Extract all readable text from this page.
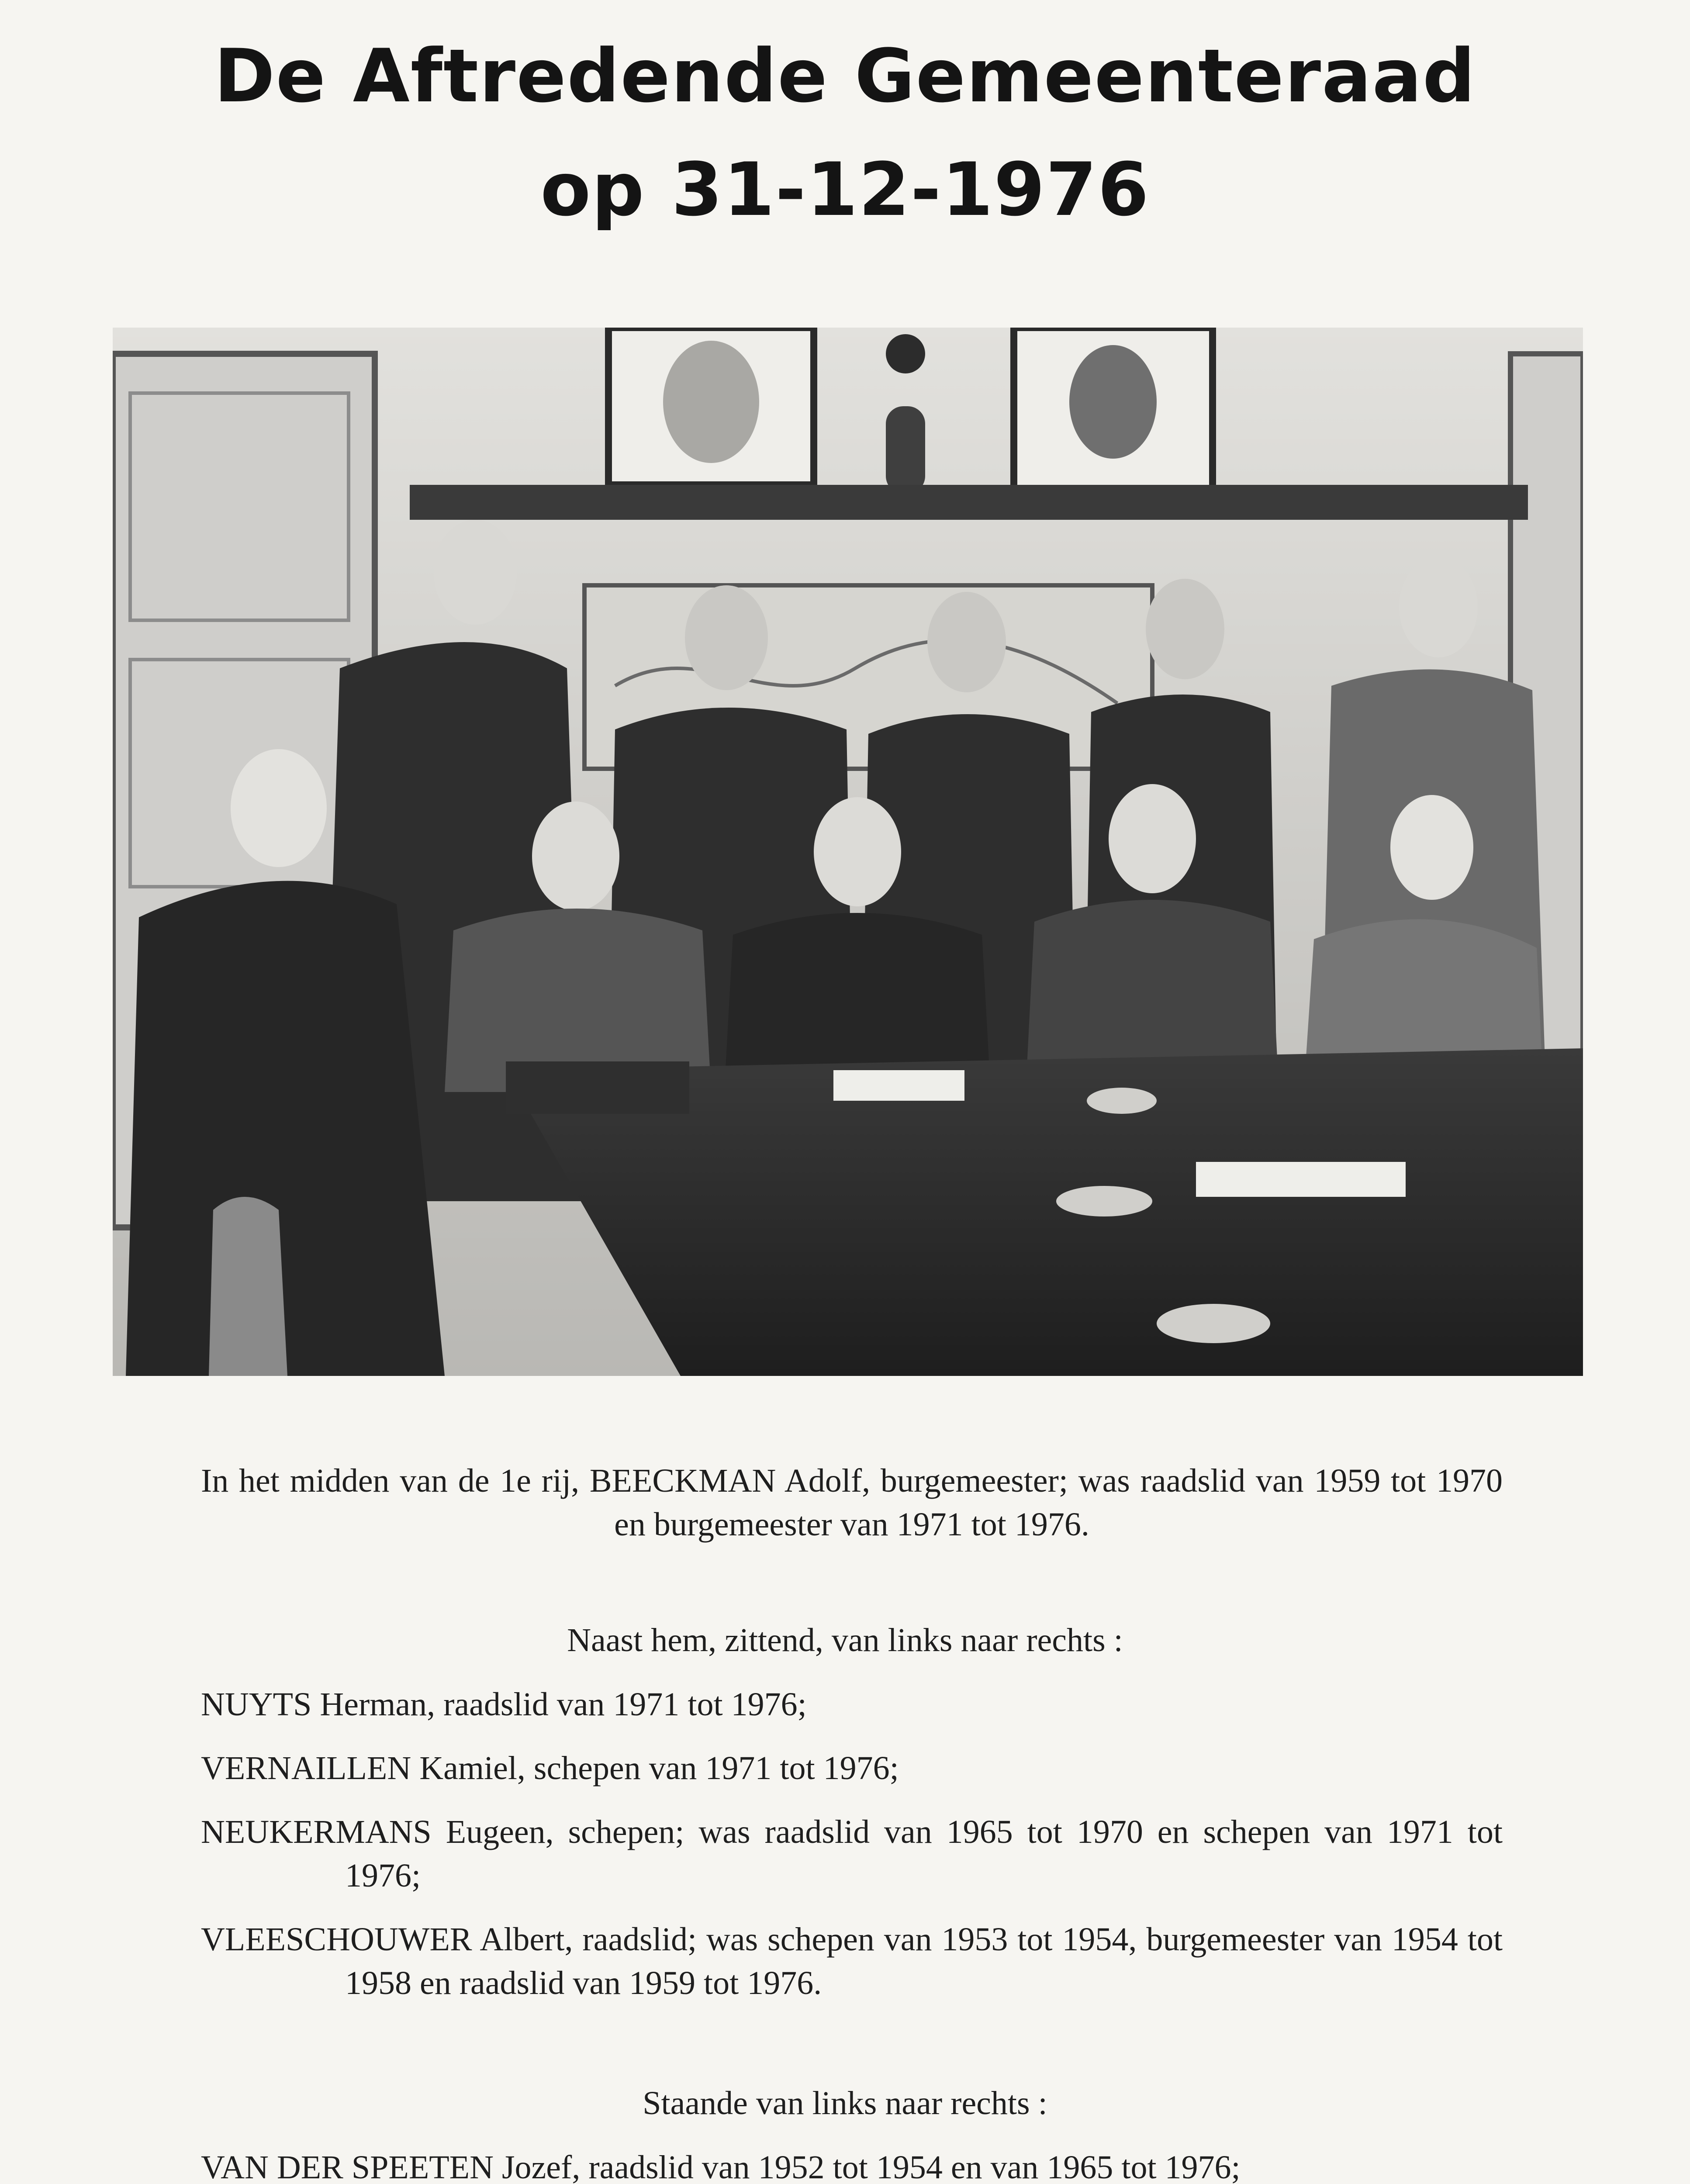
De Aftredende Gemeenteraad
op 31-12-1976
In het midden van de 1e rij, BEECKMAN Adolf, burgemeester; was raadslid van 1959 tot 1970 en burgemeester van 1971 tot 1976.

Naast hem, zittend, van links naar rechts :

NUYTS Herman, raadslid van 1971 tot 1976;

VERNAILLEN Kamiel, schepen van 1971 tot 1976;

NEUKERMANS Eugeen, schepen; was raadslid van 1965 tot 1970 en schepen van 1971 tot 1976;

VLEESCHOUWER Albert, raadslid; was schepen van 1953 tot 1954, burgemeester van 1954 tot 1958 en raadslid van 1959 tot 1976.

Staande van links naar rechts :

VAN DER SPEETEN Jozef, raadslid van 1952 tot 1954 en van 1965 tot 1976;
